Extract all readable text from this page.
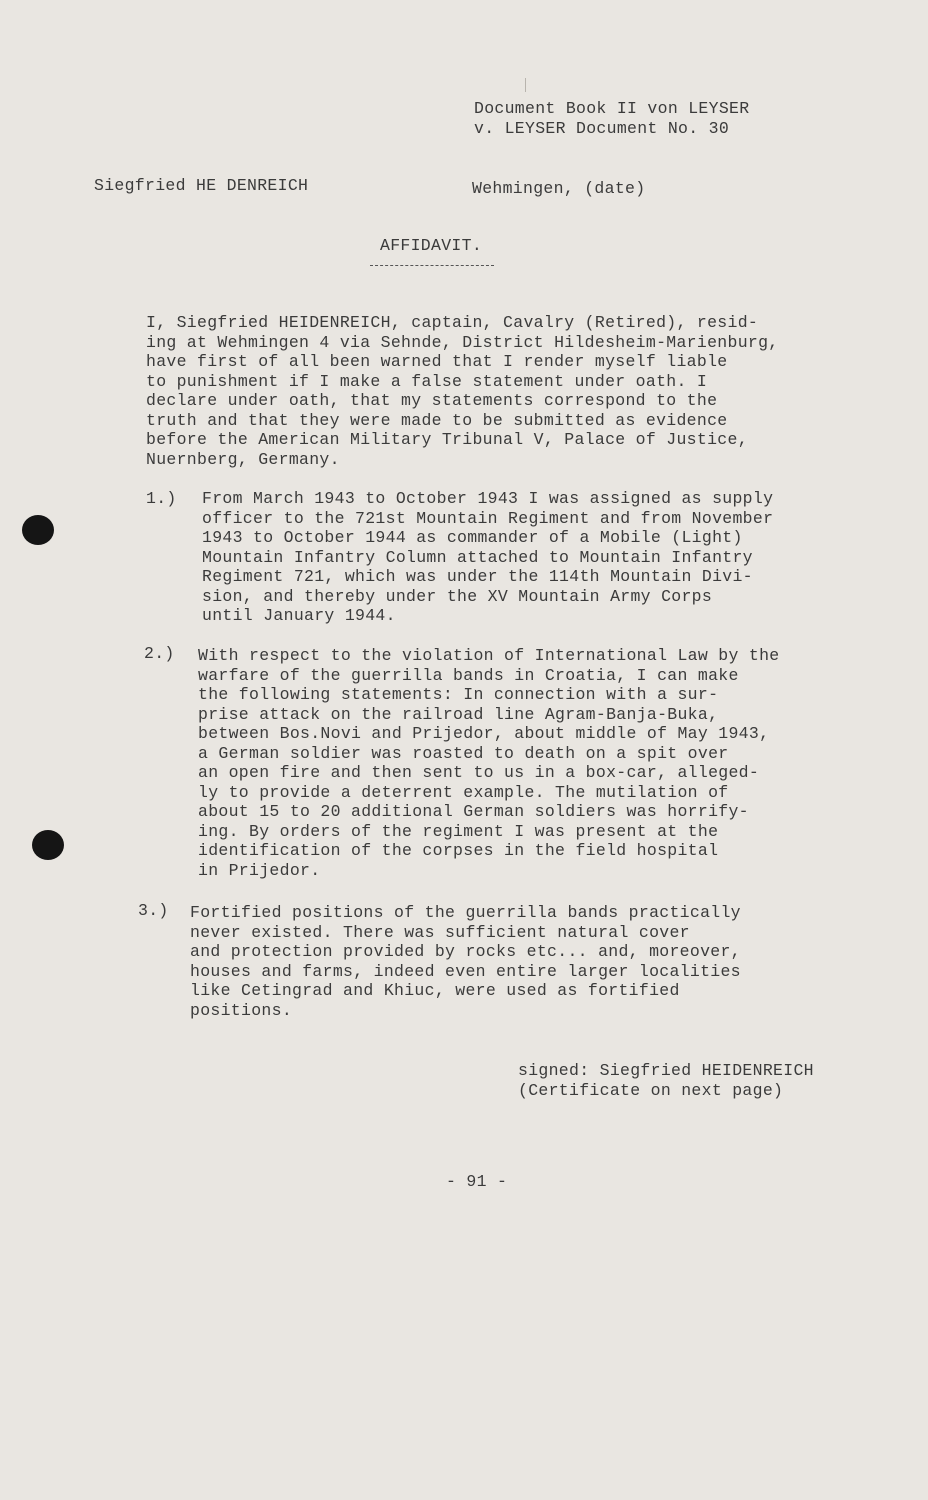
Document Book II von LEYSER
v. LEYSER Document No. 30
Siegfried HE DENREICH	Wehmingen, (date)
AFFIDAVIT.
I, Siegfried HEIDENREICH, captain, Cavalry (Retired), resid-
ing at Wehmingen 4 via Sehnde, District Hildesheim-Marienburg,
have first of all been warned that I render myself liable
to punishment if I make a false statement under oath. I
declare under oath, that my statements correspond to the
truth and that they were made to be submitted as evidence
before the American Military Tribunal V, Palace of Justice,
Nuernberg, Germany.
1.) From March 1943 to October 1943 I was assigned as supply
officer to the 721st Mountain Regiment and from November
1943 to October 1944 as commander of a Mobile (Light)
Mountain Infantry Column attached to Mountain Infantry
Regiment 721, which was under the 114th Mountain Divi-
sion, and thereby under the XV Mountain Army Corps
until January 1944.
2.) With respect to the violation of International Law by the
warfare of the guerrilla bands in Croatia, I can make
the following statements: In connection with a sur-
prise attack on the railroad line Agram-Banja-Buka,
between Bos.Novi and Prijedor, about middle of May 1943,
a German soldier was roasted to death on a spit over
an open fire and then sent to us in a box-car, alleged-
ly to provide a deterrent example. The mutilation of
about 15 to 20 additional German soldiers was horrify-
ing. By orders of the regiment I was present at the
identification of the corpses in the field hospital
in Prijedor.
3.) Fortified positions of the guerrilla bands practically
never existed. There was sufficient natural cover
and protection provided by rocks etc... and, moreover,
houses and farms, indeed even entire larger localities
like Cetingrad and Khiuc, were used as fortified
positions.
signed: Siegfried HEIDENREICH
(Certificate on next page)
- 91 -
